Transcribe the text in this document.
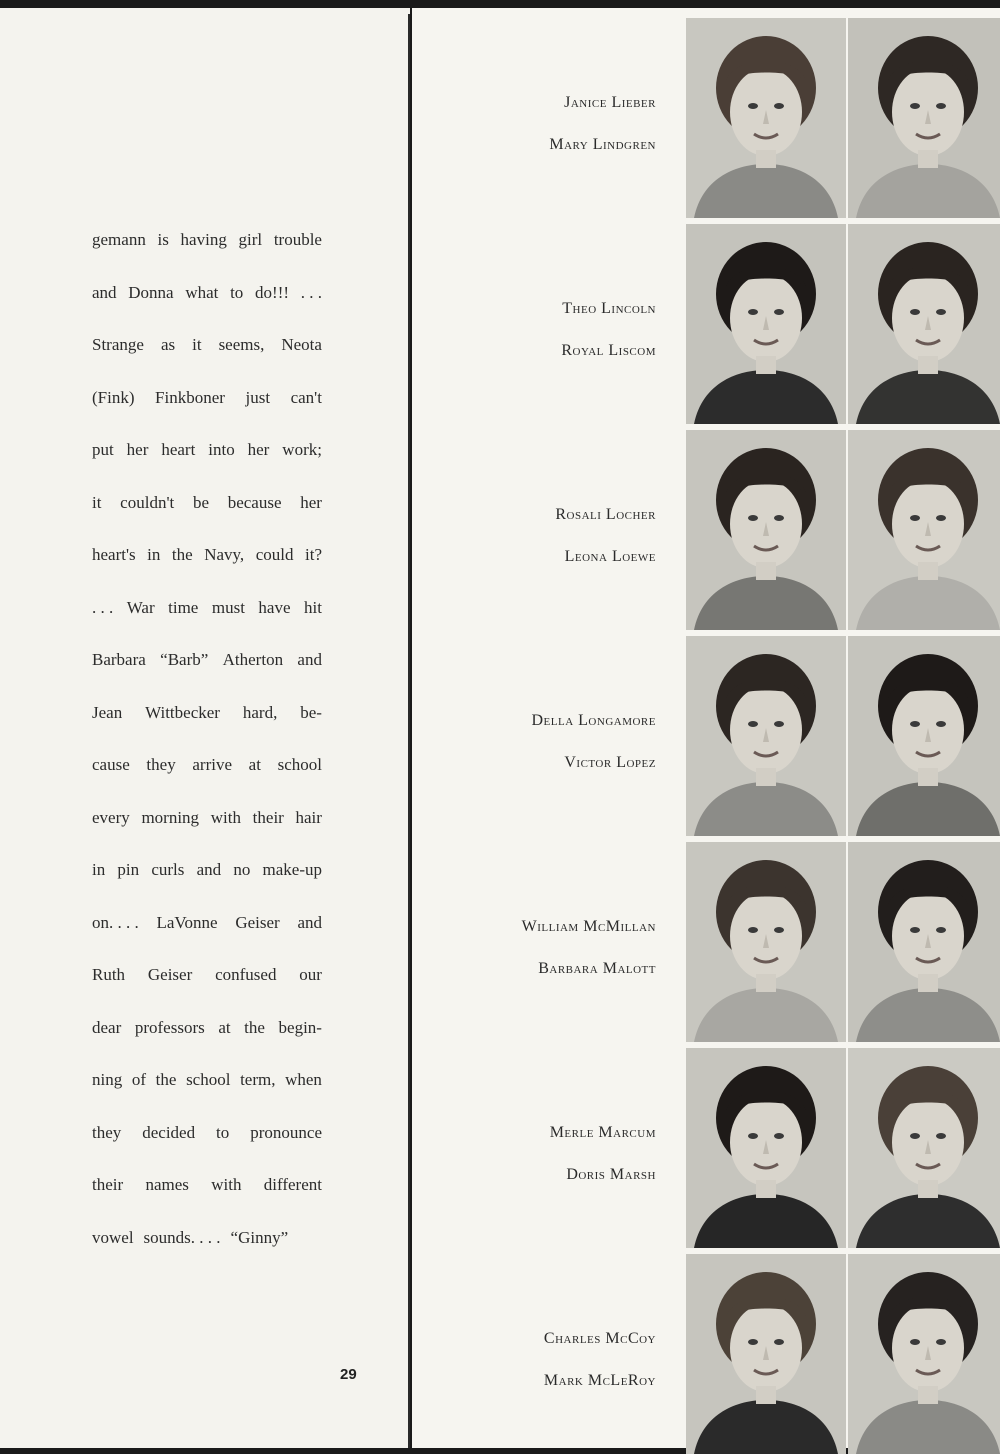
gemann is having girl trouble
and Donna what to do!!! . . .
Strange as it seems, Neota
(Fink) Finkboner just can't
put her heart into her work;
it couldn't be because her
heart's in the Navy, could it?
. . . War time must have hit
Barbara “Barb” Atherton and
Jean Wittbecker hard, be-
cause they arrive at school
every morning with their hair
in pin curls and no make-up
on. . . . LaVonne Geiser and
Ruth Geiser confused our
dear professors at the begin-
ning of the school term, when
they decided to pronounce
their names with different
vowel sounds. . . . “Ginny”
29
Janice Lieber
Mary Lindgren
Theo Lincoln
Royal Liscom
Rosali Locher
Leona Loewe
Della Longamore
Victor Lopez
William McMillan
Barbara Malott
Merle Marcum
Doris Marsh
Charles McCoy
Mark McLeRoy
